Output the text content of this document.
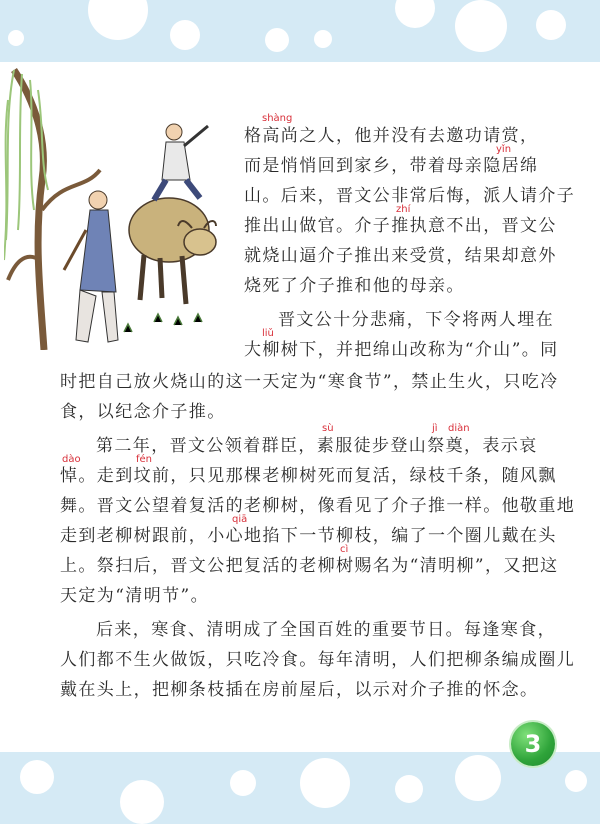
格高尚之人，他并没有去邀功请赏，
而是悄悄回到家乡，带着母亲隐居绵
山。后来，晋文公非常后悔，派人请介子
推出山做官。介子推执意不出，晋文公
就烧山逼介子推出来受赏，结果却意外
烧死了介子推和他的母亲。
晋文公十分悲痛，下令将两人埋在
大柳树下，并把绵山改称为“介山”。同
时把自己放火烧山的这一天定为“寒食节”，禁止生火，只吃冷
食，以纪念介子推。
第二年，晋文公领着群臣，素服徒步登山祭奠，表示哀
悼。走到坟前，只见那棵老柳树死而复活，绿枝千条，随风飘
舞。晋文公望着复活的老柳树，像看见了介子推一样。他敬重地
走到老柳树跟前，小心地掐下一节柳枝，编了一个圈儿戴在头
上。祭扫后，晋文公把复活的老柳树赐名为“清明柳”，又把这
天定为“清明节”。
后来，寒食、清明成了全国百姓的重要节日。每逢寒食，
人们都不生火做饭，只吃冷食。每年清明，人们把柳条编成圈儿
戴在头上，把柳条枝插在房前屋后，以示对介子推的怀念。
shàng
yǐn
zhí
liǔ
sù	jì diàn
dào	fén
qiā
cì
3
